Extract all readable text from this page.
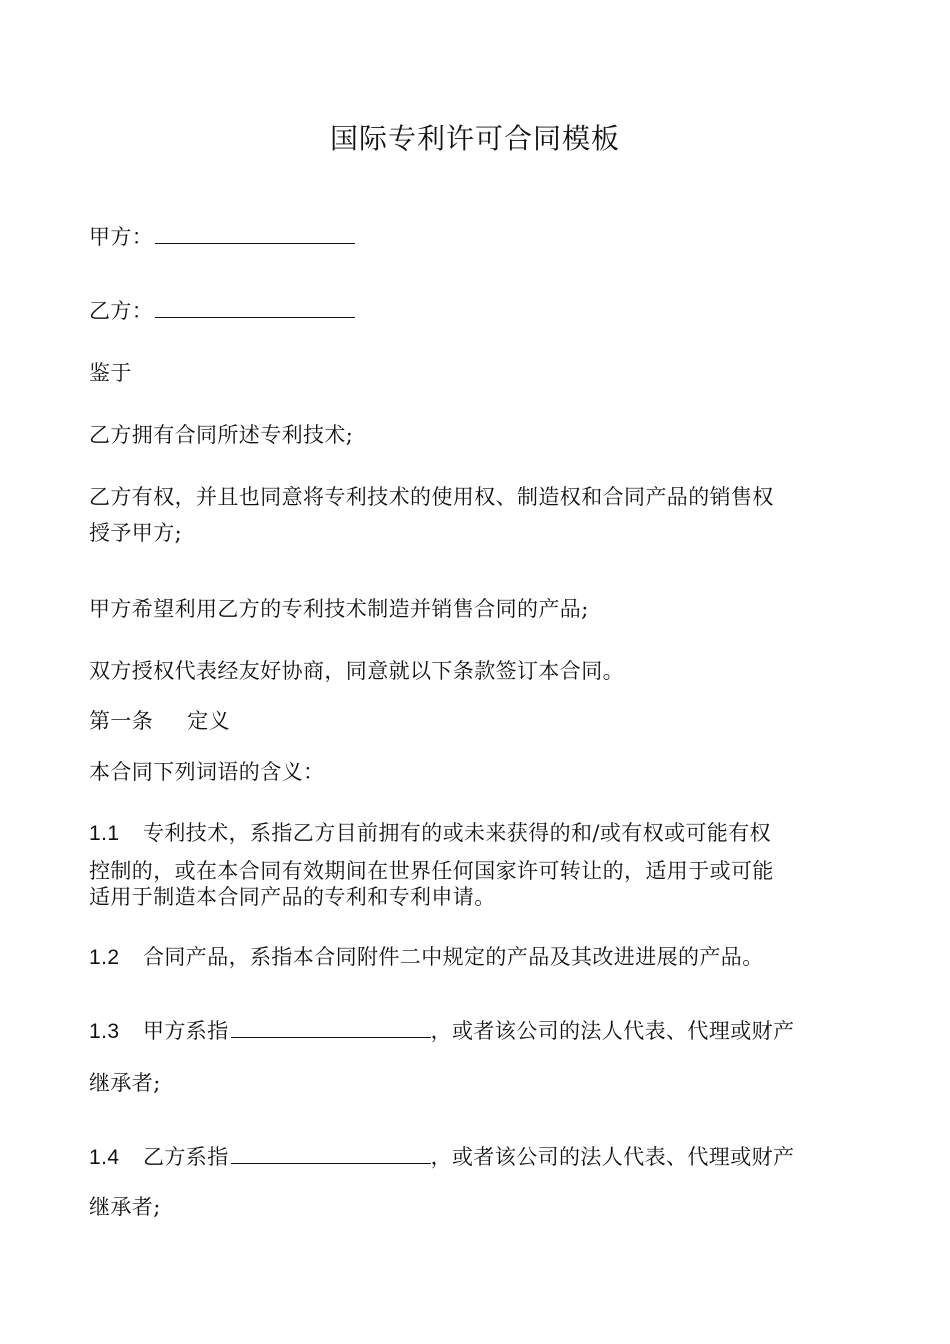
国际专利许可合同模板
甲方：
乙方：
鉴于
乙方拥有合同所述专利技术;
乙方有权，并且也同意将专利技术的使用权、制造权和合同产品的销售权
授予甲方;
甲方希望利用乙方的专利技术制造并销售合同的产品;
双方授权代表经友好协商，同意就以下条款签订本合同。
第一条 定义
本合同下列词语的含义：
1.1 专利技术，系指乙方目前拥有的或未来获得的和/或有权或可能有权
控制的，或在本合同有效期间在世界任何国家许可转让的，适用于或可能
适用于制造本合同产品的专利和专利申请。
1.2 合同产品，系指本合同附件二中规定的产品及其改进进展的产品。
1.3 甲方系指	，或者该公司的法人代表、代理或财产
继承者;
1.4 乙方系指	，或者该公司的法人代表、代理或财产
继承者;
